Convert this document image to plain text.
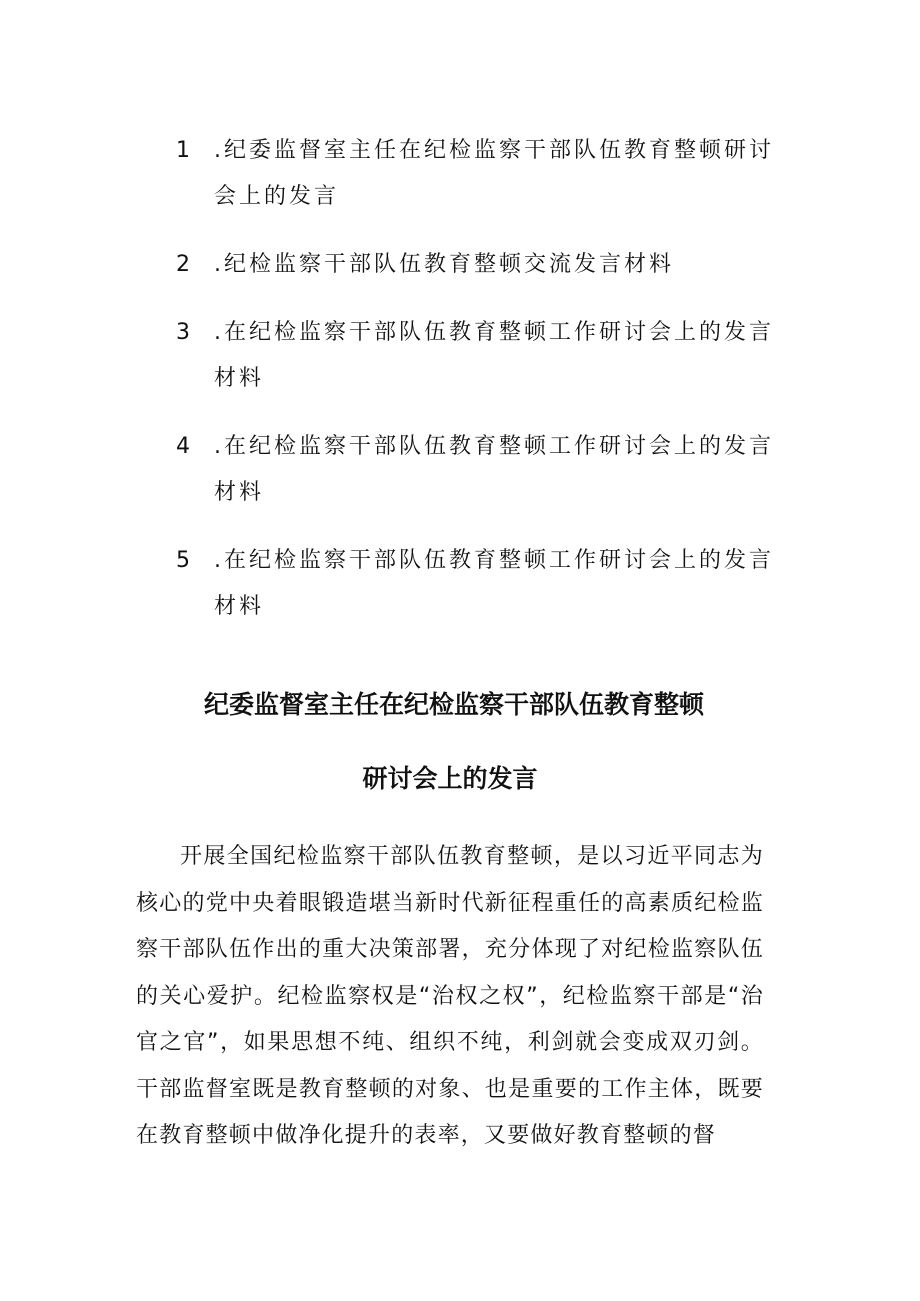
1 .纪委监督室主任在纪检监察干部队伍教育整顿研讨会上的发言
2 .纪检监察干部队伍教育整顿交流发言材料
3 .在纪检监察干部队伍教育整顿工作研讨会上的发言材料
4 .在纪检监察干部队伍教育整顿工作研讨会上的发言材料
5 .在纪检监察干部队伍教育整顿工作研讨会上的发言材料
纪委监督室主任在纪检监察干部队伍教育整顿
研讨会上的发言

开展全国纪检监察干部队伍教育整顿，是以习近平同志为核心的党中央着眼锻造堪当新时代新征程重任的高素质纪检监察干部队伍作出的重大决策部署，充分体现了对纪检监察队伍的关心爱护。纪检监察权是“治权之权”，纪检监察干部是“治官之官”，如果思想不纯、组织不纯，利剑就会变成双刃剑。干部监督室既是教育整顿的对象、也是重要的工作主体，既要在教育整顿中做净化提升的表率，又要做好教育整顿的督
